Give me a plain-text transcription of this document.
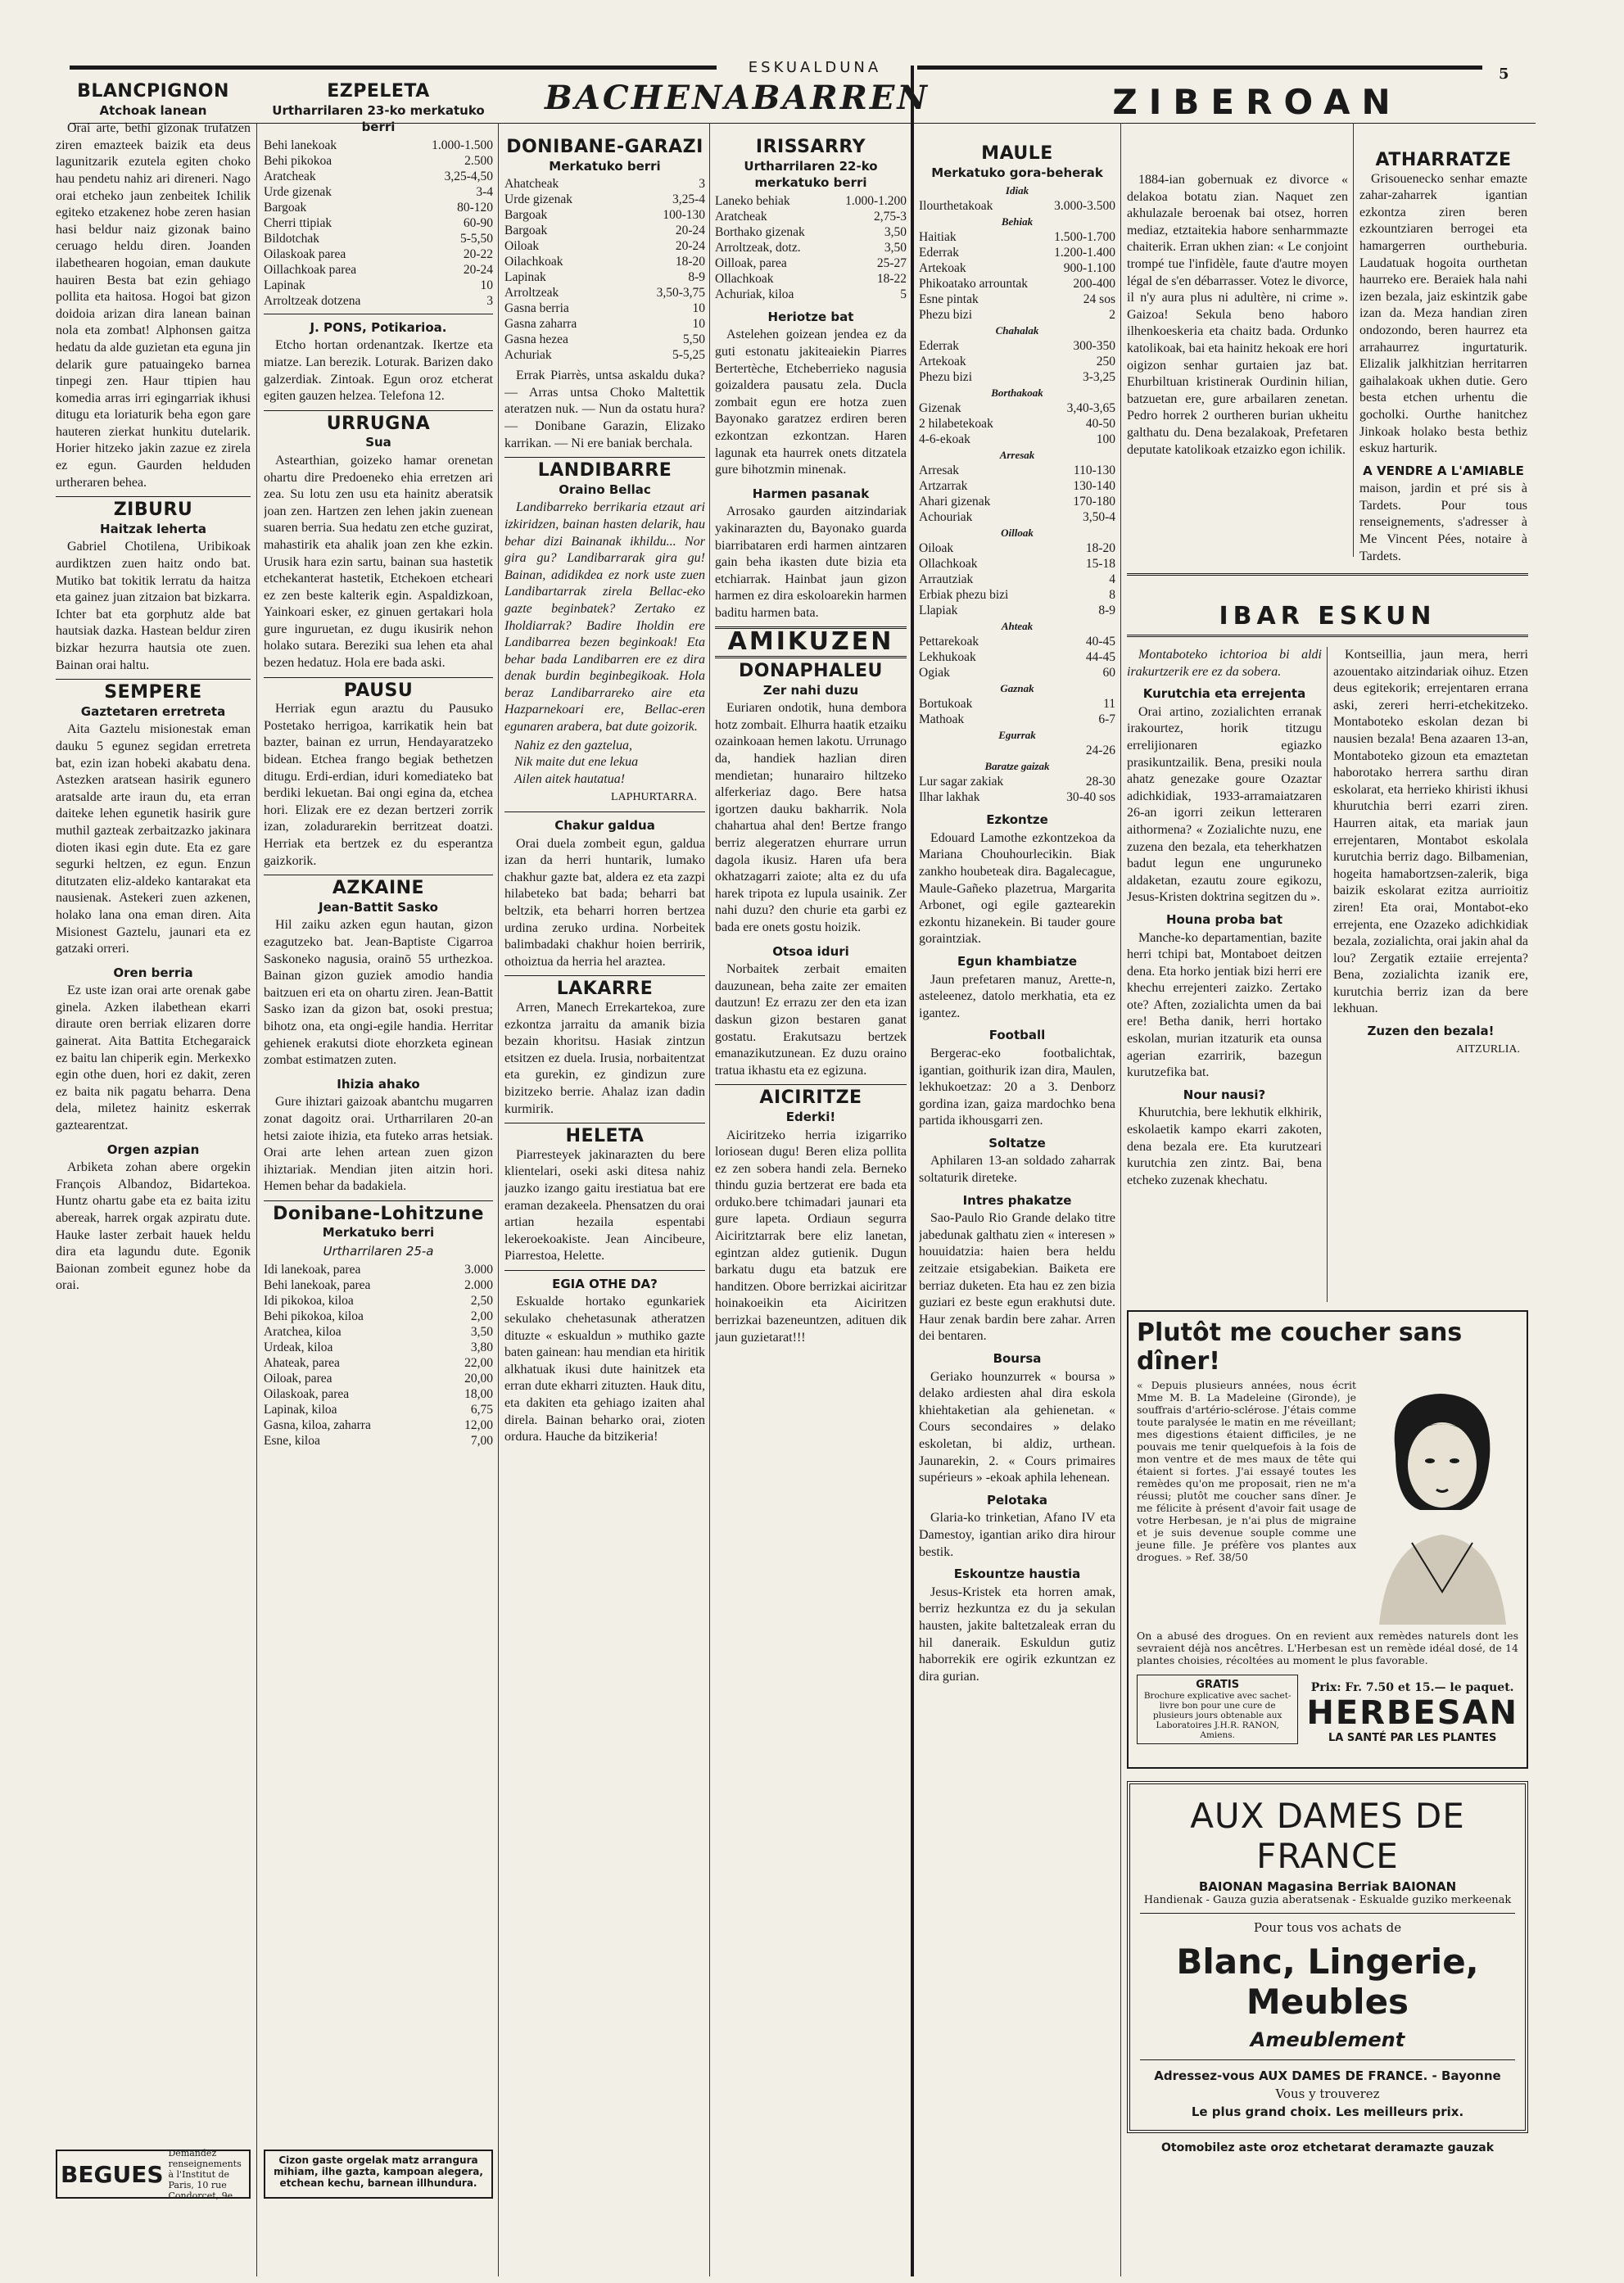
5
ESKUALDUNA
BACHENABARREN	ZIBEROAN
BLANCPIGNON
Atchoak lanean

Orai arte, bethi gizonak trufatzen ziren emazteek baizik eta deus lagunitzarik ezutela egiten choko hau pendetu nahiz ari direneri. Nago orai etcheko jaun zenbeitek Ichilik egiteko etzakenez hobe zeren hasian hasi beldur naiz gizonak baino ceruago heldu diren. Joanden ilabethearen hogoian, eman daukute hauiren Besta bat ezin gehiago pollita eta haitosa. Hogoi bat gizon doidoia arizan dira lanean bainan nola eta zombat! Alphonsen gaitza hedatu da alde guzietan eta eguna jin delarik gure patuaingeko barnea tinpegi zen. Haur ttipien hau komedia arras irri egingarriak ikhusi ditugu eta loriaturik beha egon gare hauteren zierkat hunkitu dutelarik. Horier hitzeko jakin zazue ez zirela ez egun. Gaurden helduden urtheraren behea.

ZIBURU
Haitzak leherta

Gabriel Chotilena, Uribikoak aurdiktzen zuen haitz ondo bat. Mutiko bat tokitik lerratu da haitza eta gainez juan zitzaion bat bizkarra. Ichter bat eta gorphutz alde bat hautsiak dazka. Hastean beldur ziren bizkar hezurra hautsia ote zuen. Bainan orai haltu.

SEMPERE
Gaztetaren erretreta

Aita Gaztelu misionestak eman dauku 5 egunez segidan erretreta bat, ezin izan hobeki akabatu dena. Astezken aratsean hasirik egunero aratsalde arte iraun du, eta erran daiteke lehen egunetik hasirik gure muthil gazteak zerbaitzazko jakinara dioten ikasi egin dute. Eta ez gare segurki heltzen, ez egun. Enzun ditutzaten eliz-aldeko kantarakat eta nausienak. Astekeri zuen azkenen, holako lana ona eman diren. Aita Misionest Gaztelu, jaunari eta ez gatzaki orreri.

Oren berria

Ez uste izan orai arte orenak gabe ginela. Azken ilabethean ekarri diraute oren berriak elizaren dorre gainerat. Aita Battita Etchegaraick ez baitu lan chiperik egin. Merkexko egin othe duen, hori ez dakit, zeren ez baita nik pagatu beharra. Dena dela, miletez hainitz eskerrak gaztearentzat.

Orgen azpian

Arbiketa zohan abere orgekin François Albandoz, Bidartekoa. Huntz ohartu gabe eta ez baita izitu abereak, harrek orgak azpiratu dute. Hauke laster zerbait hauek heldu dira eta lagundu dute. Egonik Baionan zombeit egunez hobe da orai.

BEGUES
Demandez renseignements à l'Institut de Paris, 10 rue Condorcet, 9e
EZPELETA
Urtharrilaren 23-ko merkatuko berri
Behi lanekoak	1.000-1.500
Behi pikokoa	2.500
Aratcheak	3,25-4,50
Urde gizenak	3-4
Bargoak	80-120
Cherri ttipiak	60-90
Bildotchak	5-5,50
Oilaskoak parea	20-22
Oillachkoak parea	20-24
Lapinak	10
Arroltzeak dotzena	3
J. PONS, Potikarioa.

Etcho hortan ordenantzak. Ikertze eta miatze. Lan berezik. Loturak. Barizen dako galzerdiak. Zintoak. Egun oroz etcherat egiten gauzen helzea. Telefona 12.

URRUGNA
Sua

Astearthian, goizeko hamar orenetan ohartu dire Predoeneko ehia erretzen ari zea. Su lotu zen usu eta hainitz aberatsik joan zen. Hartzen zen lehen jakin zuenean suaren berria. Sua hedatu zen etche guzirat, mahastirik eta ahalik joan zen khe ezkin. Urusik hara ezin sartu, bainan sua hastetik etchekanterat hastetik, Etchekoen etcheari ez zen beste kalterik egin. Aspaldizkoan, Yainkoari esker, ez ginuen gertakari hola gure inguruetan, ez dugu ikusirik nehon holako sutara. Bereziki sua lehen eta ahal bezen hedatuz. Hola ere bada aski.

PAUSU

Herriak egun araztu du Pausuko Postetako herrigoa, karrikatik hein bat bazter, bainan ez urrun, Hendayaratzeko bidean. Etchea frango begiak bethetzen ditugu. Erdi-erdian, iduri komediateko bat berdiki lekuetan. Bai ongi egina da, etchea hori. Elizak ere ez dezan bertzeri zorrik izan, zoladurarekin berritzeat doatzi. Herriak eta bertzek ez du esperantza gaizkorik.

AZKAINE
Jean-Battit Sasko

Hil zaiku azken egun hautan, gizon ezagutzeko bat. Jean-Baptiste Cigarroa Saskoneko nagusia, orainō 55 urthezkoa. Bainan gizon guziek amodio handia baitzuen eri eta on ohartu ziren. Jean-Battit Sasko izan da gizon bat, osoki prestua; bihotz ona, eta ongi-egile handia. Herritar gehienek erakutsi diote ehorzketa eginean zombat estimatzen zuten.

Ihizia ahako

Gure ihiztari gaizoak abantchu mugarren zonat dagoitz orai. Urtharrilaren 20-an hetsi zaiote ihizia, eta futeko arras hetsiak. Orai arte lehen artean zuen gizon ihiztariak. Mendian jiten aitzin hori. Hemen behar da badakiela.

Donibane-Lohitzune
Merkatuko berri
Urtharrilaren 25-a
Idi lanekoak, parea	3.000
Behi lanekoak, parea	2.000
Idi pikokoa, kiloa	2,50
Behi pikokoa, kiloa	2,00
Aratchea, kiloa	3,50
Urdeak, kiloa	3,80
Ahateak, parea	22,00
Oiloak, parea	20,00
Oilaskoak, parea	18,00
Lapinak, kiloa	6,75
Gasna, kiloa, zaharra	12,00
Esne, kiloa	7,00
Cizon gaste orgelak matz arrangura mihiam, ilhe gazta, kampoan alegera, etchean kechu, barnean illhundura.
DONIBANE-GARAZI
Merkatuko berri
Ahatcheak	3
Urde gizenak	3,25-4
Bargoak	100-130
Bargoak	20-24
Oiloak	20-24
Oilachkoak	18-20
Lapinak	8-9
Arroltzeak	3,50-3,75
Gasna berria	10
Gasna zaharra	10
Gasna hezea	5,50
Achuriak	5-5,25

Errak Piarrès, untsa askaldu duka? — Arras untsa Choko Maltettik ateratzen nuk. — Nun da ostatu hura? — Donibane Garazin, Elizako karrikan. — Ni ere baniak berchala.

LANDIBARRE
Oraino Bellac

Landibarreko berrikaria etzaut ari izkiridzen, bainan hasten delarik, hau behar dizi Bainanak ikhildu... Nor gira gu? Landibarrarak gira gu! Bainan, adidikdea ez nork uste zuen Landibartarrak zirela Bellac-eko gazte beginbatek? Zertako ez Iholdiarrak? Badire Iholdin ere Landibarrea bezen beginkoak! Eta behar bada Landibarren ere ez dira denak burdin beginbegikoak. Hola beraz Landibarrareko aire eta Hazparnekoari ere, Bellac-eren egunaren arabera, bat dute goizorik.

Nahiz ez den gaztelua,
Nik maite dut ene lekua
Ailen aitek hautatua!

LAPHURTARRA.
Chakur galdua

Orai duela zombeit egun, galdua izan da herri huntarik, lumako chakhur gazte bat, aldera ez eta zazpi hilabeteko bat bada; beharri bat beltzik, eta beharri horren bertzea urdina zeruko urdina. Norbeitek balimbadaki chakhur hoien berririk, othoiztua da herria hel araztea.

LAKARRE

Arren, Manech Errekartekoa, zure ezkontza jarraitu da amanik bizia bezain khoritsu. Hasiak zintzun etsitzen ez duela. Irusia, norbaitentzat eta gurekin, ez gindizun zure bizitzeko berrie. Ahalaz izan dadin kurmirik.

HELETA

Piarresteyek jakinarazten du bere klientelari, oseki aski ditesa nahiz jauzko izango gaitu irestiatua bat ere eraman dezakeela. Phensatzen du orai artian hezaila espentabi lekeroekoakiste. Jean Aincibeure, Piarrestoa, Helette.

EGIA OTHE DA?

Eskualde hortako egunkariek sekulako chehetasunak atheratzen dituzte « eskualdun » muthiko gazte baten gainean: hau mendian eta hiritik alkhatuak ikusi dute hainitzek eta erran dute ekharri zituzten. Hauk ditu, eta dakiten eta gehiago izaiten ahal direla. Bainan beharko orai, zioten ordura. Hauche da bitzikeria!

IRISSARRY
Urtharrilaren 22-ko merkatuko berri
Laneko behiak	1.000-1.200
Aratcheak	2,75-3
Borthako gizenak	3,50
Arroltzeak, dotz.	3,50
Oilloak, parea	25-27
Ollachkoak	18-22
Achuriak, kiloa	5
Heriotze bat

Astelehen goizean jendea ez da guti estonatu jakiteaiekin Piarres Bertertèche, Etcheberrieko nagusia goizaldera pausatu zela. Ducla zombait egun ere hotza zuen Bayonako garatzez erdiren beren ezkontzan ezkontzan. Haren lagunak eta haurrek onets ditzatela gure bihotzmin minenak.

Harmen pasanak

Arrosako gaurden aitzindariak yakinarazten du, Bayonako guarda biarribataren erdi harmen aintzaren gain beha ikasten dute bizia eta etchiarrak. Hainbat jaun gizon harmen ez dira eskoloarekin harmen baditu harmen bata.

AMIKUZEN
DONAPHALEU
Zer nahi duzu

Euriaren ondotik, huna dembora hotz zombait. Elhurra haatik etzaiku ozainkoaan hemen lakotu. Urrunago da, handiek hazlian diren mendietan; hunarairo hiltzeko alferkeriaz dago. Bere hatsa igortzen dauku bakharrik. Nola chahartua ahal den! Bertze frango berriz alegeratzen ehurrare urrun dagola ikusiz. Haren ufa bera okhatzagarri zaiote; alta ez du ufa harek tripota ez lupula usainik. Zer nahi duzu? den churie eta garbi ez bada ere onets gostu hoizik.

Otsoa iduri

Norbaitek zerbait emaiten dauzunean, beha zaite zer emaiten dautzun! Ez errazu zer den eta izan daskun gizon bestaren ganat gostatu. Erakutsazu bertzek emanazikutzunean. Ez duzu oraino tratua ikhastu eta ez egizuna.

AICIRITZE
Ederki!

Aiciritzeko herria izigarriko loriosean dugu! Beren eliza pollita ez zen sobera handi zela. Berneko thindu guzia bertzerat ere bada eta orduko.bere tchimadari jaunari eta gure lapeta. Ordiaun segurra Aiciritztarrak bere eliz lanetan, egintzan aldez gutienik. Dugun barkatu dugu eta batzuk ere handitzen. Obore berrizkai aiciritzar hoinakoeikin eta Aiciritzen berrizkai bazeneuntzen, adituen dik jaun guzietarat!!!

MAULE
Merkatuko gora-beherak
Idiak	
Ilourthetakoak	3.000-3.500
Behiak	
Haitiak	1.500-1.700
Ederrak	1.200-1.400
Artekoak	900-1.100
Phikoatako arrountak	200-400
Esne pintak	24 sos
Phezu bizi	2
Chahalak	
Ederrak	300-350
Artekoak	250
Phezu bizi	3-3,25
Borthakoak	
Gizenak	3,40-3,65
2 hilabetekoak	40-50
4-6-ekoak	100
Arresak	
Arresak	110-130
Artzarrak	130-140
Ahari gizenak	170-180
Achouriak	3,50-4
Oilloak	
Oiloak	18-20
Ollachkoak	15-18
Arrautziak	4
Erbiak phezu bizi	8
Llapiak	8-9
Ahteak	
Pettarekoak	40-45
Lekhukoak	44-45
Ogiak	60
Gaznak	
Bortukoak	11
Mathoak	6-7
Egurrak	
	24-26
Baratze gaizak	
Lur sagar zakiak	28-30
Ilhar lakhak	30-40 sos
Ezkontze

Edouard Lamothe ezkontzekoa da Mariana Chouhourlecikin. Biak zankho houbeteak dira. Bagalecague, Maule-Gañeko plazetrua, Margarita Arbonet, ogi egile gaztearekin ezkontu hizanekein. Bi tauder goure goraintziak.

Egun khambiatze

Jaun prefetaren manuz, Arette-n, asteleenez, datolo merkhatia, eta ez igantez.

Football

Bergerac-eko footbalichtak, igantian, goithurik izan dira, Maulen, lekhukoetzaz: 20 a 3. Denborz gordina izan, gaiza mardochko bena partida ikhousgarri zen.

Soltatze

Aphilaren 13-an soldado zaharrak soltaturik direteke.

Intres phakatze

Sao-Paulo Rio Grande delako titre jabedunak galthatu zien « interesen » houuidatzia: haien bera heldu zeitzaie etsigabekian. Baiketa ere berriaz duketen. Eta hau ez zen bizia guziari ez beste egun erakhutsi dute. Haur zenak bardin bere zahar. Arren dei bentaren.

Boursa

Geriako hounzurrek « boursa » delako ardiesten ahal dira eskola khiehtaketian ala gehienetan. « Cours secondaires » delako eskoletan, bi aldiz, urthean. Jaunarekin, 2. « Cours primaires supérieurs » -ekoak aphila lehenean.

Pelotaka

Glaria-ko trinketian, Afano IV eta Damestoy, igantian ariko dira hirour bestik.

Eskountze haustia

Jesus-Kristek eta horren amak, berriz hezkuntza ez du ja sekulan hausten, jakite baltetzaleak erran du hil daneraik. Eskuldun gutiz haborrekik ere ogirik ezkuntzan ez dira gurian.

1884-ian gobernuak ez divorce « delakoa botatu zian. Naquet zen akhulazale beroenak bai otsez, horren mediaz, etztaitekia habore senharmmazte chaiterik. Erran ukhen zian: « Le conjoint trompé tue l'infidèle, faute d'autre moyen légal de s'en débarrasser. Votez le divorce, il n'y aura plus ni adultère, ni crime ». Gaizoa! Sekula beno haboro ilhenkoeskeria eta chaitz bada. Ordunko katolikoak, bai eta hainitz hekoak ere hori oigizon senhar gurtaien jaz bat. Ehurbiltuan kristinerak Ourdinin hilian, batzuetan ere, gure arbailaren zenetan. Pedro horrek 2 ourtheren burian ukheitu galthatu du. Dena bezalakoak, Prefetaren deputate katolikoak etzaizko egon ichilik.

ATHARRATZE

Grisouenecko senhar emazte zahar-zaharrek igantian ezkontza ziren beren ezkountziaren berrogei eta hamargerren ourtheburia. Laudatuak hogoita ourthetan haurreko ere. Beraiek hala nahi izen bezala, jaiz eskintzik gabe izan da. Meza handian ziren ondozondo, beren haurrez eta arrahaurrez ingurtaturik. Elizalik jalkhitzian herritarren gaihalakoak ukhen dutie. Gero besta etchen urhentu die gocholki. Ourthe hanitchez Jinkoak holako besta bethiz eskuz harturik.

A VENDRE A L'AMIABLE

maison, jardin et pré sis à Tardets. Pour tous renseignements, s'adresser à Me Vincent Pées, notaire à Tardets.

IBAR ESKUN

Montaboteko ichtorioa bi aldi irakurtzerik ere ez da sobera.

Kurutchia eta errejenta

Orai artino, zozialichten erranak irakourtez, horik titzugu errelijionaren egiazko prasikuntzailik. Bena, presiki noula ahatz genezake goure Ozaztar adichkidiak, 1933-arramaiatzaren 26-an igorri zeikun letteraren aithormena? « Zozialichte nuzu, ene zuzena den bezala, eta teherkhatzen badut legun ene unguruneko aldaketan, ezautu zoure egikozu, Jesus-Kristen doktrina segitzen du ».

Houna proba bat

Manche-ko departamentian, bazite herri tchipi bat, Montaboet deitzen dena. Eta horko jentiak bizi herri ere khechu errejenteri zaizko. Zertako ote? Aften, zozialichta umen da bai ere! Betha danik, herri hortako eskolan, murian itzaturik eta ounsa agerian ezarririk, bazegun kurutzefika bat.

Nour nausi?

Khurutchia, bere lekhutik elkhirik, eskolaetik kampo ekarri zakoten, dena bezala ere. Eta kurutzeari kurutchia zen zintz. Bai, bena etcheko zuzenak khechatu.

Kontseillia, jaun mera, herri azouentako aitzindariak oihuz. Etzen deus egitekorik; errejentaren errana aski, zereri herri-etchekitzeko. Montaboteko eskolan dezan bi nausien bezala! Bena azaaren 13-an, Montaboteko gizoun eta emaztetan haborotako herrera sarthu diran eskolarat, eta herrieko khiristi ikhusi khurutchia berri ezarri ziren. Haurren aitak, eta mariak jaun errejentaren, Montabot eskolala kurutchia berriz dago. Bilbamenian, hogeita hamabortzsen-zalerik, biga baizik eskolarat ezitza aurrioitiz ziren! Eta orai, Montabot-eko errejenta, ene Ozazeko adichkidiak bezala, zozialichta, orai jakin ahal da lou? Zergatik eztaiie errejenta? Bena, zozialichta izanik ere, kurutchia berriz izan da bere lekhuan.

Zuzen den bezala!
AITZURLIA.
Plutôt me coucher sans dîner!
« Depuis plusieurs années, nous écrit Mme M. B. La Madeleine (Gironde), je souffrais d'artério-sclérose. J'étais comme toute paralysée le matin en me réveillant; mes digestions étaient difficiles, je ne pouvais me tenir quelquefois à la fois de mon ventre et de mes maux de tête qui étaient si fortes. J'ai essayé toutes les remèdes qu'on me proposait, rien ne m'a réussi; plutôt me coucher sans dîner. Je me félicite à présent d'avoir fait usage de votre Herbesan, je n'ai plus de migraine et je suis devenue souple comme une jeune fille. Je préfère vos plantes aux drogues. » Ref. 38/50
On a abusé des drogues. On en revient aux remèdes naturels dont les sevraient déjà nos ancêtres. L'Herbesan est un remède idéal dosé, de 14 plantes choisies, récoltées au moment le plus favorable.
GRATIS
Brochure explicative avec sachet-livre bon pour une cure de plusieurs jours obtenable aux Laboratoires J.H.R. RANON, Amiens.
Prix: Fr. 7.50 et 15.— le paquet.
HERBESAN
LA SANTÉ PAR LES PLANTES
AUX DAMES DE FRANCE
BAIONAN Magasina Berriak BAIONAN
Handienak - Gauza guzia aberatsenak - Eskualde guziko merkeenak
Pour tous vos achats de
Blanc, Lingerie, Meubles
Ameublement
Adressez-vous AUX DAMES DE FRANCE. - Bayonne
Vous y trouverez
Le plus grand choix. Les meilleurs prix.
Otomobilez aste oroz etchetarat deramazte gauzak
